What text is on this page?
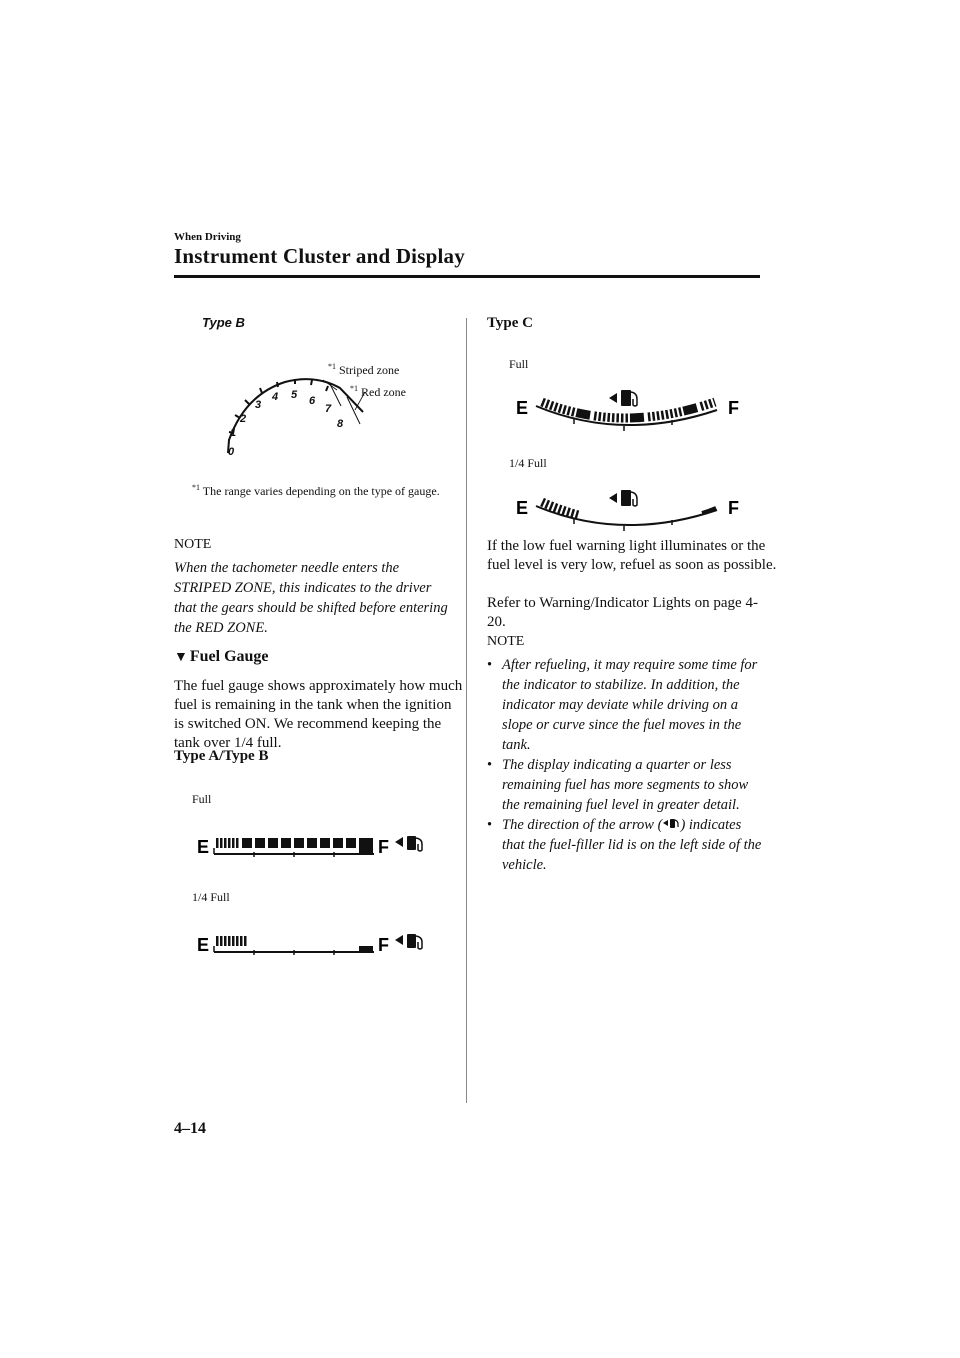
When Driving
Instrument Cluster and Display
Type B
0
1
2
3
4 5 6
7
8
$^{*1}$ Striped zone
$^{*1}$ Red zone
$^{*1}$ The range varies depending on the type of gauge.
NOTE
When the tachometer needle enters the STRIPED ZONE, this indicates to the driver that the gears should be shifted before entering the RED ZONE.
▼ Fuel Gauge
The fuel gauge shows approximately how much fuel is remaining in the tank when the ignition is switched ON. We recommend keeping the tank over 1/4 full.
Type A/Type B
Full
E	F
1/4 Full
E	F
Type C
Full
E	F
1/4 Full
E	F
If the low fuel warning light illuminates or the fuel level is very low, refuel as soon as possible.
Refer to Warning/Indicator Lights on page 4-20.
NOTE
• After refueling, it may require some time for the indicator to stabilize. In addition, the indicator may deviate while driving on a slope or curve since the fuel moves in the tank.
• The display indicating a quarter or less remaining fuel has more segments to show the remaining fuel level in greater detail.
• The direction of the arrow ( ) indicates that the fuel-filler lid is on the left side of the vehicle.
4–14
